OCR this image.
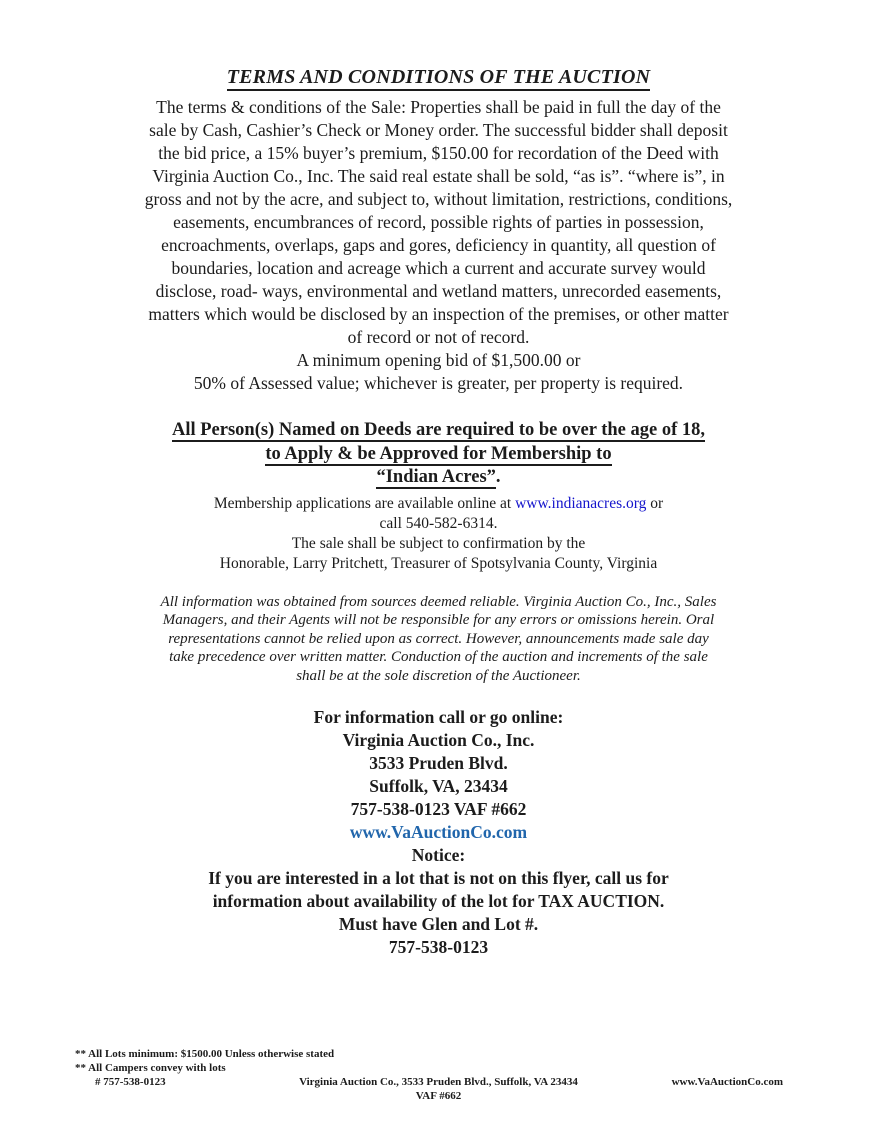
TERMS AND CONDITIONS OF THE AUCTION
The terms & conditions of the Sale: Properties shall be paid in full the day of the
sale by Cash, Cashier’s Check or Money order. The successful bidder shall deposit
the bid price, a 15% buyer’s premium, $150.00 for recordation of the Deed with
Virginia Auction Co., Inc. The said real estate shall be sold, “as is”. “where is”, in
gross and not by the acre, and subject to, without limitation, restrictions, conditions,
easements, encumbrances of record, possible rights of parties in possession,
encroachments, overlaps, gaps and gores, deficiency in quantity, all question of
boundaries, location and acreage which a current and accurate survey would
disclose, road- ways, environmental and wetland matters, unrecorded easements,
matters which would be disclosed by an inspection of the premises, or other matter
of record or not of record.
A minimum opening bid of $1,500.00 or
50% of Assessed value; whichever is greater, per property is required.
All Person(s) Named on Deeds are required to be over the age of 18,
to Apply & be Approved for Membership to
“Indian Acres”.
Membership applications are available online at www.indianacres.org or
call 540-582-6314.
The sale shall be subject to confirmation by the
Honorable, Larry Pritchett, Treasurer of Spotsylvania County, Virginia
All information was obtained from sources deemed reliable. Virginia Auction Co., Inc., Sales
Managers, and their Agents will not be responsible for any errors or omissions herein. Oral
representations cannot be relied upon as correct. However, announcements made sale day
take precedence over written matter. Conduction of the auction and increments of the sale
shall be at the sole discretion of the Auctioneer.
For information call or go online:
Virginia Auction Co., Inc.
3533 Pruden Blvd.
Suffolk, VA, 23434
757-538-0123 VAF #662
www.VaAuctionCo.com
Notice:
If you are interested in a lot that is not on this flyer, call us for
information about availability of the lot for TAX AUCTION.
Must have Glen and Lot #.
757-538-0123
** All Lots minimum: $1500.00 Unless otherwise stated
** All Campers convey with lots
# 757-538-0123	Virginia Auction Co., 3533 Pruden Blvd., Suffolk, VA 23434	www.VaAuctionCo.com
VAF #662
